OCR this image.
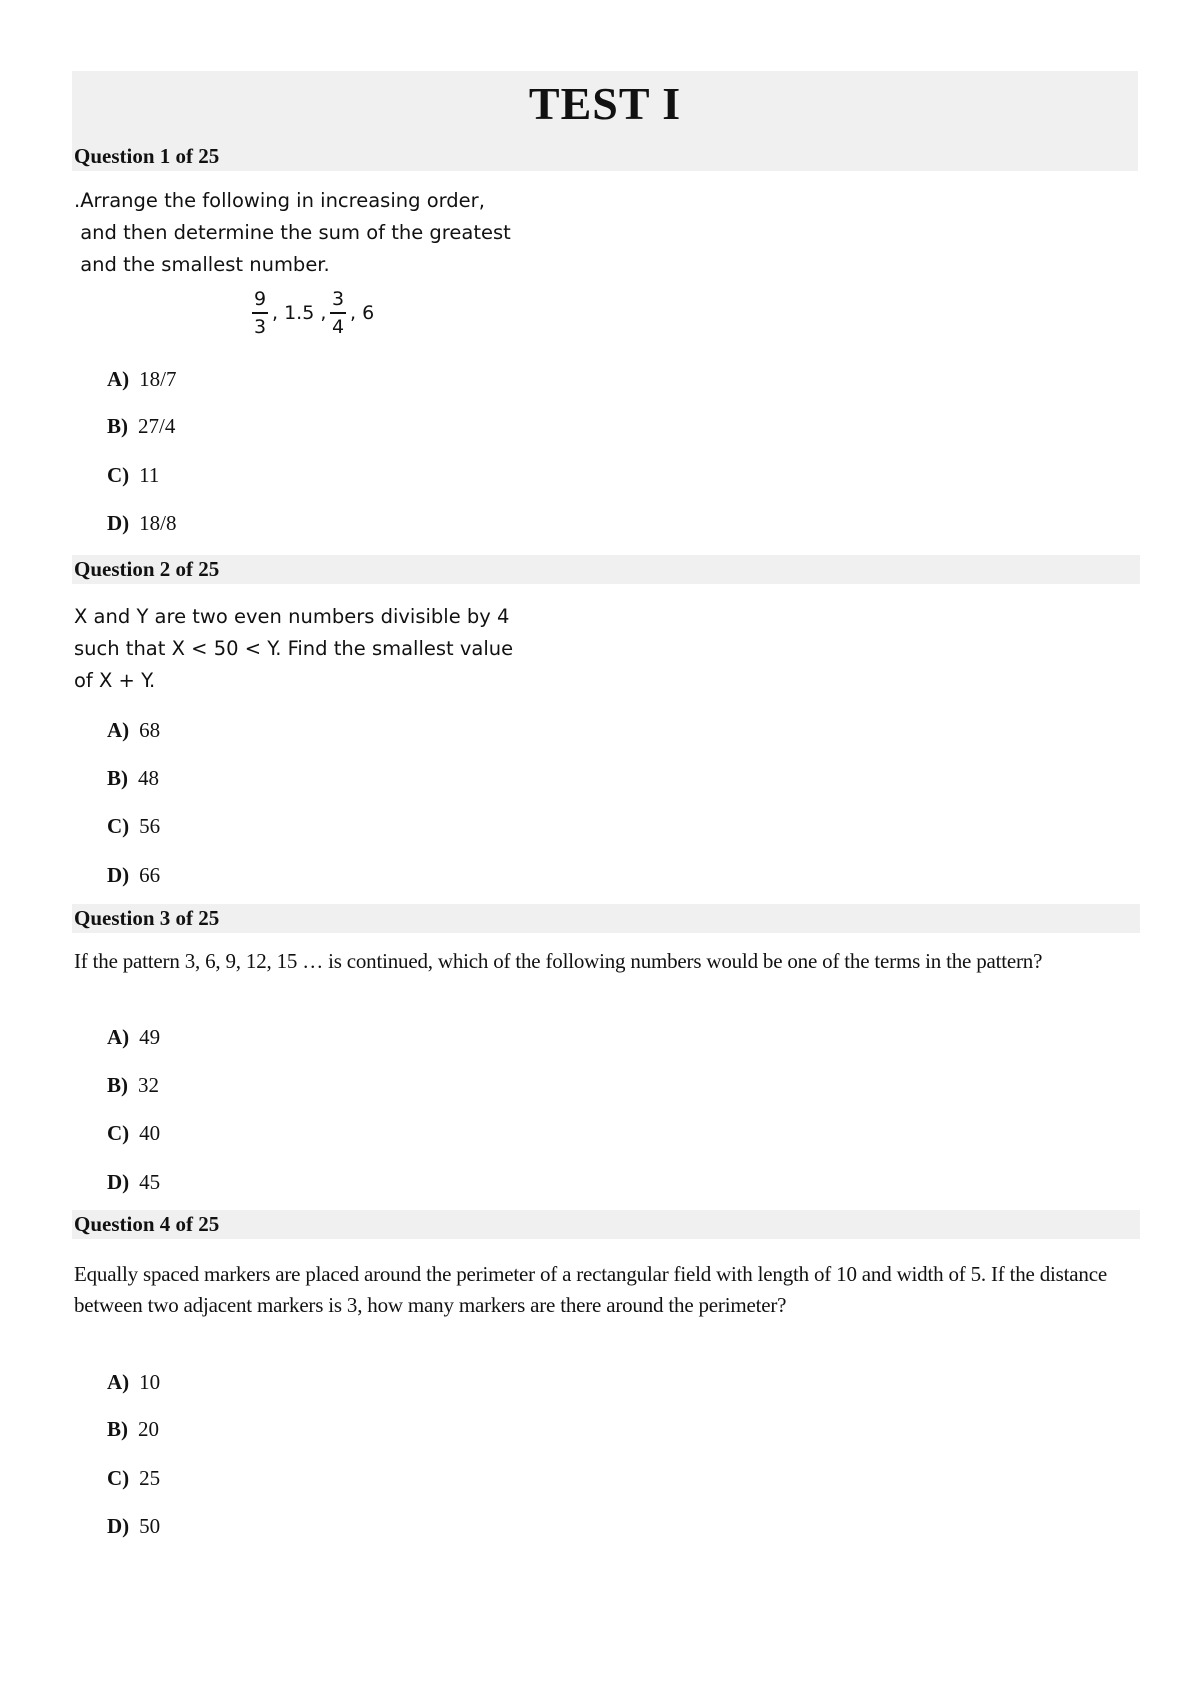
TEST I
Question 1 of 25
.Arrange the following in increasing order,
and then determine the sum of the greatest
and the smallest number.
9
3
, 1.5 ,
3
4
, 6
A) 18/7
B) 27/4
C) 11
D) 18/8
Question 2 of 25
X and Y are two even numbers divisible by 4
such that X < 50 < Y. Find the smallest value
of X + Y.
A) 68
B) 48
C) 56
D) 66
Question 3 of 25
If the pattern 3, 6, 9, 12, 15 … is continued, which of the following numbers would be one of the terms in the pattern?
A) 49
B) 32
C) 40
D) 45
Question 4 of 25
Equally spaced markers are placed around the perimeter of a rectangular field with length of 10 and width of 5. If the distance between two adjacent markers is 3, how many markers are there around the perimeter?
A) 10
B) 20
C) 25
D) 50
